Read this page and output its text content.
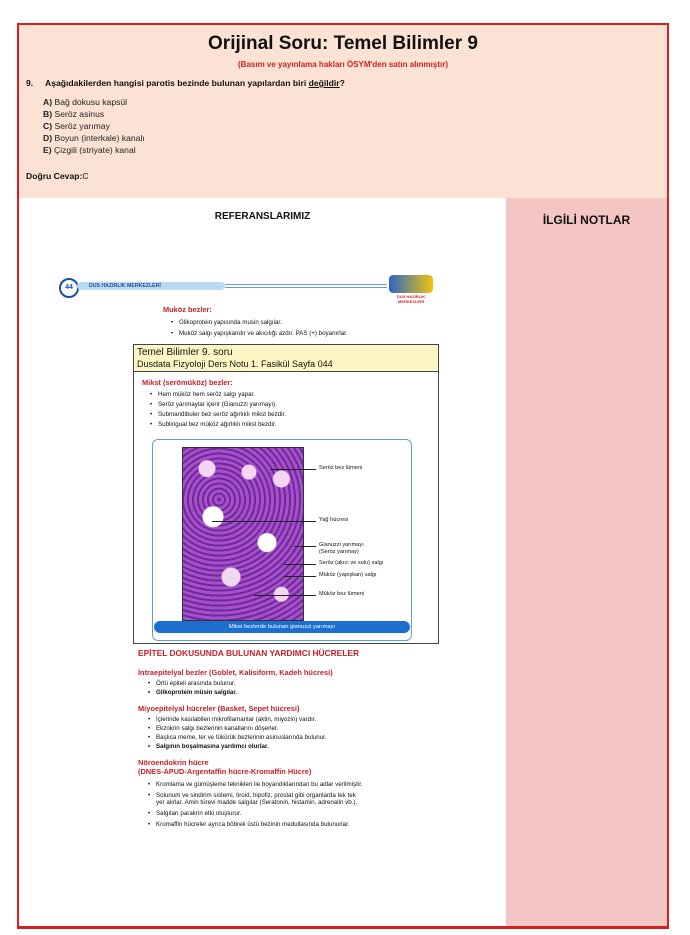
Orijinal Soru: Temel Bilimler 9
(Basım ve yayınlama hakları ÖSYM'den satın alınmıştır)
9. Aşağıdakilerden hangisi parotis bezinde bulunan yapılardan biri değildir?
A) Bağ dokusu kapsül
B) Seröz asinus
C) Seröz yarımay
D) Boyun (interkale) kanalı
E) Çizgili (striyate) kanal
Doğru Cevap:C
REFERANSLARIMIZ
44	DUS HAZIRLIK MERKEZLERİ
DUS HAZIRLIK MERKEZLERİ
Muköz bezler:
• Glikoprotein yapısında musin salgılar.
• Muköz salgı yapışkandır ve akıcılığı azdır. PAS (+) boyanırlar.
Temel Bilimler 9. soru
Dusdata Fizyoloji Ders Notu 1. Fasikül Sayfa 044
Mikst (serömüköz) bezler:
• Hem müköz hem seröz salgı yapar.
• Seröz yarımaylar içerir (Gianuzzi yarımayı).
• Submandibuler bez seröz ağırlıklı mikst bezdir.
• Sublingual bez müköz ağırlıklı mikst bezdir.
Seröz bez lümeni
Yağ hücresi
Gianuzzi yarımayı
(Seröz yarımay)
Seröz (akıcı ve sulu) salgı
Müköz (yapışkan) salgı
Müköz bez lümeni
Mikst bezlerde bulunan gianuzzi yarımayı
EPİTEL DOKUSUNDA BULUNAN YARDIMCI HÜCRELER
İntraepitelyal bezler (Goblet, Kalisiform, Kadeh hücresi)
• Örtü epiteli arasında bulunur.
• Glikoprotein müsin salgılar.
Miyoepitelyal hücreler (Basket, Sepet hücresi)
• İçlerinde kasılabilen mikrofilamanlar (aktin, miyozin) vardır.
• Ekzokrin salgı bezlerinin kanallarını döşerler.
• Başlıca meme, ter ve tükürük bezlerinin asinuslarında bulunur.
• Salgının boşalmasına yardımcı olurlar.
Nöroendokrin hücre
(DNES-APUD-Argentaffin hücre-Kromaffin Hücre)
• Kromlama ve gümüşleme teknikleri ile boyandıklarından bu adlar verilmiştir.
• Solunum ve sindirim sistemi, tiroid, hipofiz, prostat gibi organlarda tek tek
yer alırlar. Amin türevi madde salgılar (Seratonin, histamin, adrenalin vb.).
• Salgıları parakrin etki oluşturur.
• Kromaffin hücreler ayrıca böbrek üstü bezinin medullasında bulunurlar.
İLGİLİ NOTLAR
